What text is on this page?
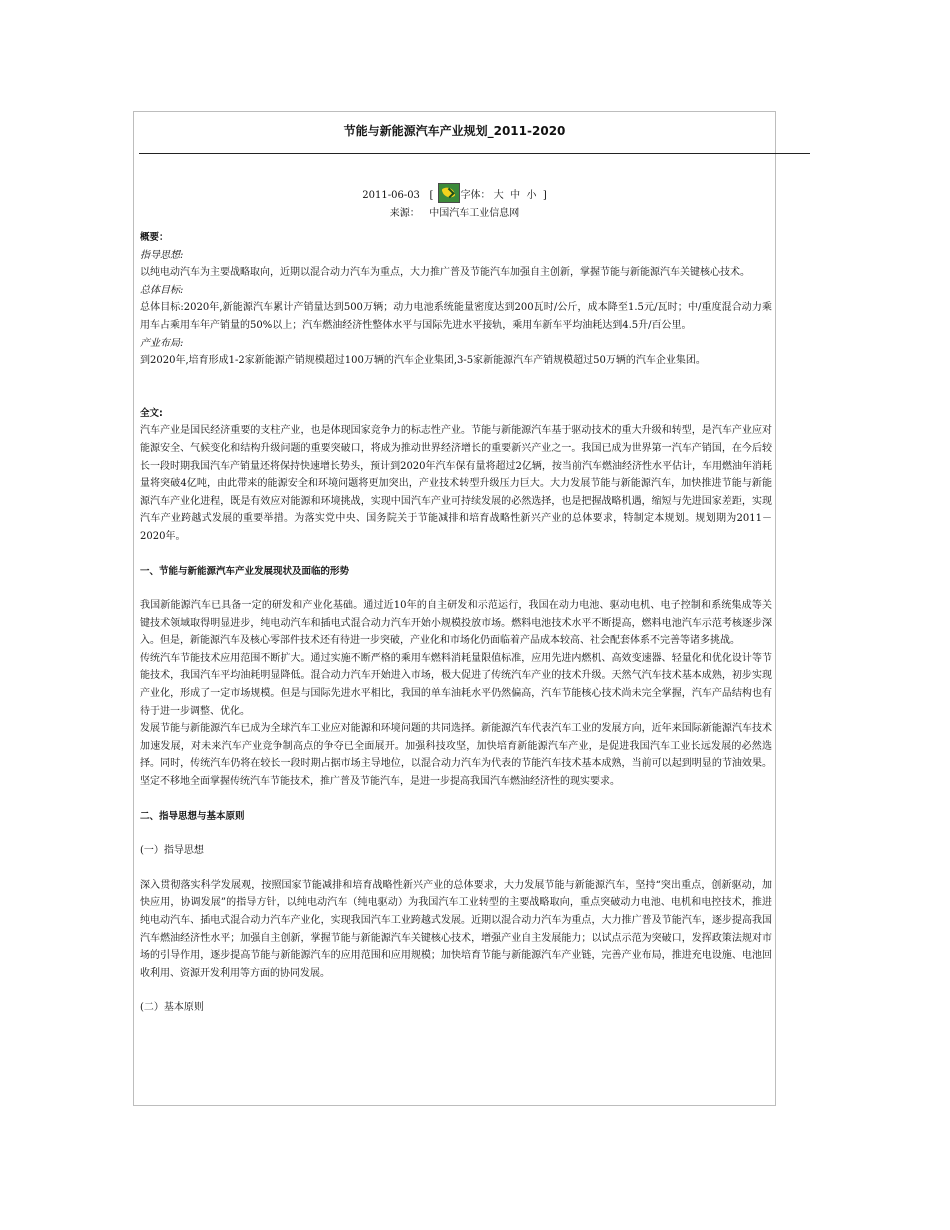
节能与新能源汽车产业规划_2011-2020
2011-06-03 [	字体： 大 中 小 ]
来源： 中国汽车工业信息网

概要：

指导思想:

以纯电动汽车为主要战略取向，近期以混合动力汽车为重点，大力推广普及节能汽车加强自主创新，掌握节能与新能源汽车关键核心技术。

总体目标:

总体目标:2020年,新能源汽车累计产销量达到500万辆；动力电池系统能量密度达到200瓦时/公斤，成本降至1.5元/瓦时；中/重度混合动力乘用车占乘用车年产销量的50%以上；汽车燃油经济性整体水平与国际先进水平接轨，乘用车新车平均油耗达到4.5升/百公里。

产业布局:

到2020年,培育形成1-2家新能源产销规模超过100万辆的汽车企业集团,3-5家新能源汽车产销规模超过50万辆的汽车企业集团。

全文:

汽车产业是国民经济重要的支柱产业，也是体现国家竞争力的标志性产业。节能与新能源汽车基于驱动技术的重大升级和转型，是汽车产业应对能源安全、气候变化和结构升级问题的重要突破口，将成为推动世界经济增长的重要新兴产业之一。我国已成为世界第一汽车产销国，在今后较长一段时期我国汽车产销量还将保持快速增长势头，预计到2020年汽车保有量将超过2亿辆，按当前汽车燃油经济性水平估计，车用燃油年消耗量将突破4亿吨，由此带来的能源安全和环境问题将更加突出，产业技术转型升级压力巨大。大力发展节能与新能源汽车，加快推进节能与新能源汽车产业化进程，既是有效应对能源和环境挑战，实现中国汽车产业可持续发展的必然选择，也是把握战略机遇，缩短与先进国家差距，实现汽车产业跨越式发展的重要举措。为落实党中央、国务院关于节能减排和培育战略性新兴产业的总体要求，特制定本规划。规划期为2011－2020年。

一、节能与新能源汽车产业发展现状及面临的形势

我国新能源汽车已具备一定的研发和产业化基础。通过近10年的自主研发和示范运行，我国在动力电池、驱动电机、电子控制和系统集成等关键技术领域取得明显进步，纯电动汽车和插电式混合动力汽车开始小规模投放市场。燃料电池技术水平不断提高，燃料电池汽车示范考核逐步深入。但是，新能源汽车及核心零部件技术还有待进一步突破，产业化和市场化仍面临着产品成本较高、社会配套体系不完善等诸多挑战。

传统汽车节能技术应用范围不断扩大。通过实施不断严格的乘用车燃料消耗量限值标准，应用先进内燃机、高效变速器、轻量化和优化设计等节能技术，我国汽车平均油耗明显降低。混合动力汽车开始进入市场，极大促进了传统汽车产业的技术升级。天然气汽车技术基本成熟，初步实现产业化，形成了一定市场规模。但是与国际先进水平相比，我国的单车油耗水平仍然偏高，汽车节能核心技术尚未完全掌握，汽车产品结构也有待于进一步调整、优化。

发展节能与新能源汽车已成为全球汽车工业应对能源和环境问题的共同选择。新能源汽车代表汽车工业的发展方向，近年来国际新能源汽车技术加速发展，对未来汽车产业竞争制高点的争夺已全面展开。加强科技攻坚，加快培育新能源汽车产业，是促进我国汽车工业长远发展的必然选择。同时，传统汽车仍将在较长一段时期占据市场主导地位，以混合动力汽车为代表的节能汽车技术基本成熟，当前可以起到明显的节油效果。坚定不移地全面掌握传统汽车节能技术，推广普及节能汽车，是进一步提高我国汽车燃油经济性的现实要求。

二、指导思想与基本原则

(一）指导思想

深入贯彻落实科学发展观，按照国家节能减排和培育战略性新兴产业的总体要求，大力发展节能与新能源汽车，坚持“突出重点，创新驱动，加快应用，协调发展”的指导方针，以纯电动汽车（纯电驱动）为我国汽车工业转型的主要战略取向，重点突破动力电池、电机和电控技术，推进纯电动汽车、插电式混合动力汽车产业化，实现我国汽车工业跨越式发展。近期以混合动力汽车为重点，大力推广普及节能汽车，逐步提高我国汽车燃油经济性水平；加强自主创新，掌握节能与新能源汽车关键核心技术，增强产业自主发展能力；以试点示范为突破口，发挥政策法规对市场的引导作用，逐步提高节能与新能源汽车的应用范围和应用规模；加快培育节能与新能源汽车产业链，完善产业布局，推进充电设施、电池回收利用、资源开发利用等方面的协同发展。

(二）基本原则
